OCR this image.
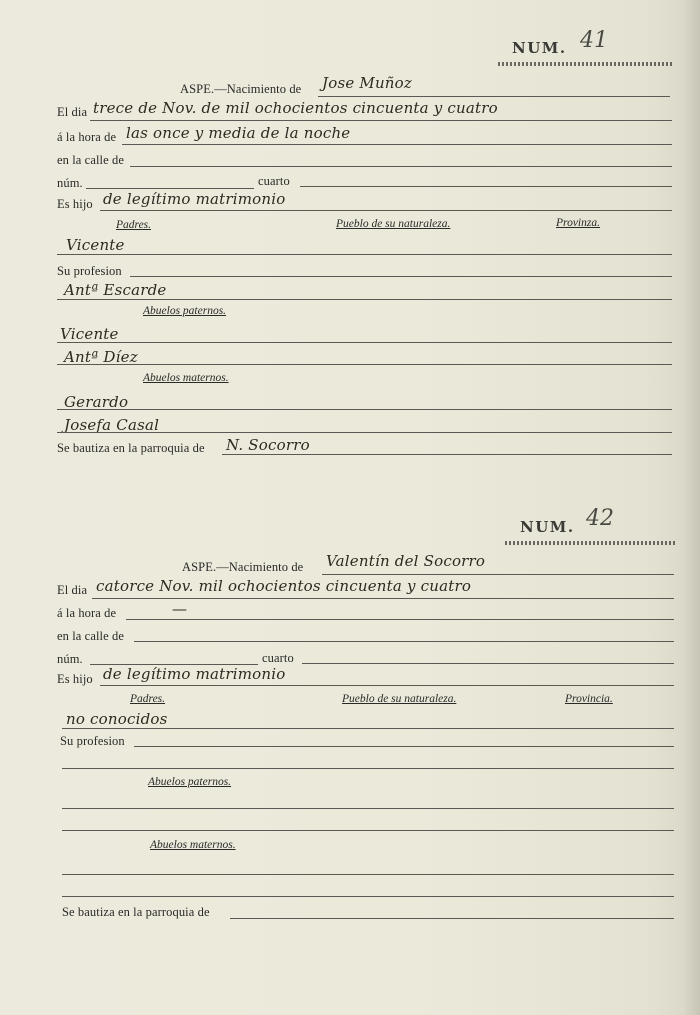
NUM. 41
ASPE.—Nacimiento de Jose Muñoz
El dia trece de Nov. de mil ochocientos cincuenta y cuatro
á la hora de las once y media de la noche
en la calle de
núm.	cuarto
Es hijo de legítimo matrimonio
Padres.	Pueblo de su naturaleza.	Provinza.
Vicente
Su profesion
Antª Escarde
Abuelos paternos.
Vicente
Antª Díez
Abuelos maternos.
Gerardo
Josefa Casal
Se bautiza en la parroquia de N. Socorro
NUM. 42
ASPE.—Nacimiento de Valentín del Socorro
El dia catorce Nov. mil ochocientos cincuenta y cuatro
á la hora de	—
en la calle de
núm.	cuarto
Es hijo de legítimo matrimonio
Padres.	Pueblo de su naturaleza.	Provincia.
no conocidos
Su profesion
Abuelos paternos.
Abuelos maternos.
Se bautiza en la parroquia de
